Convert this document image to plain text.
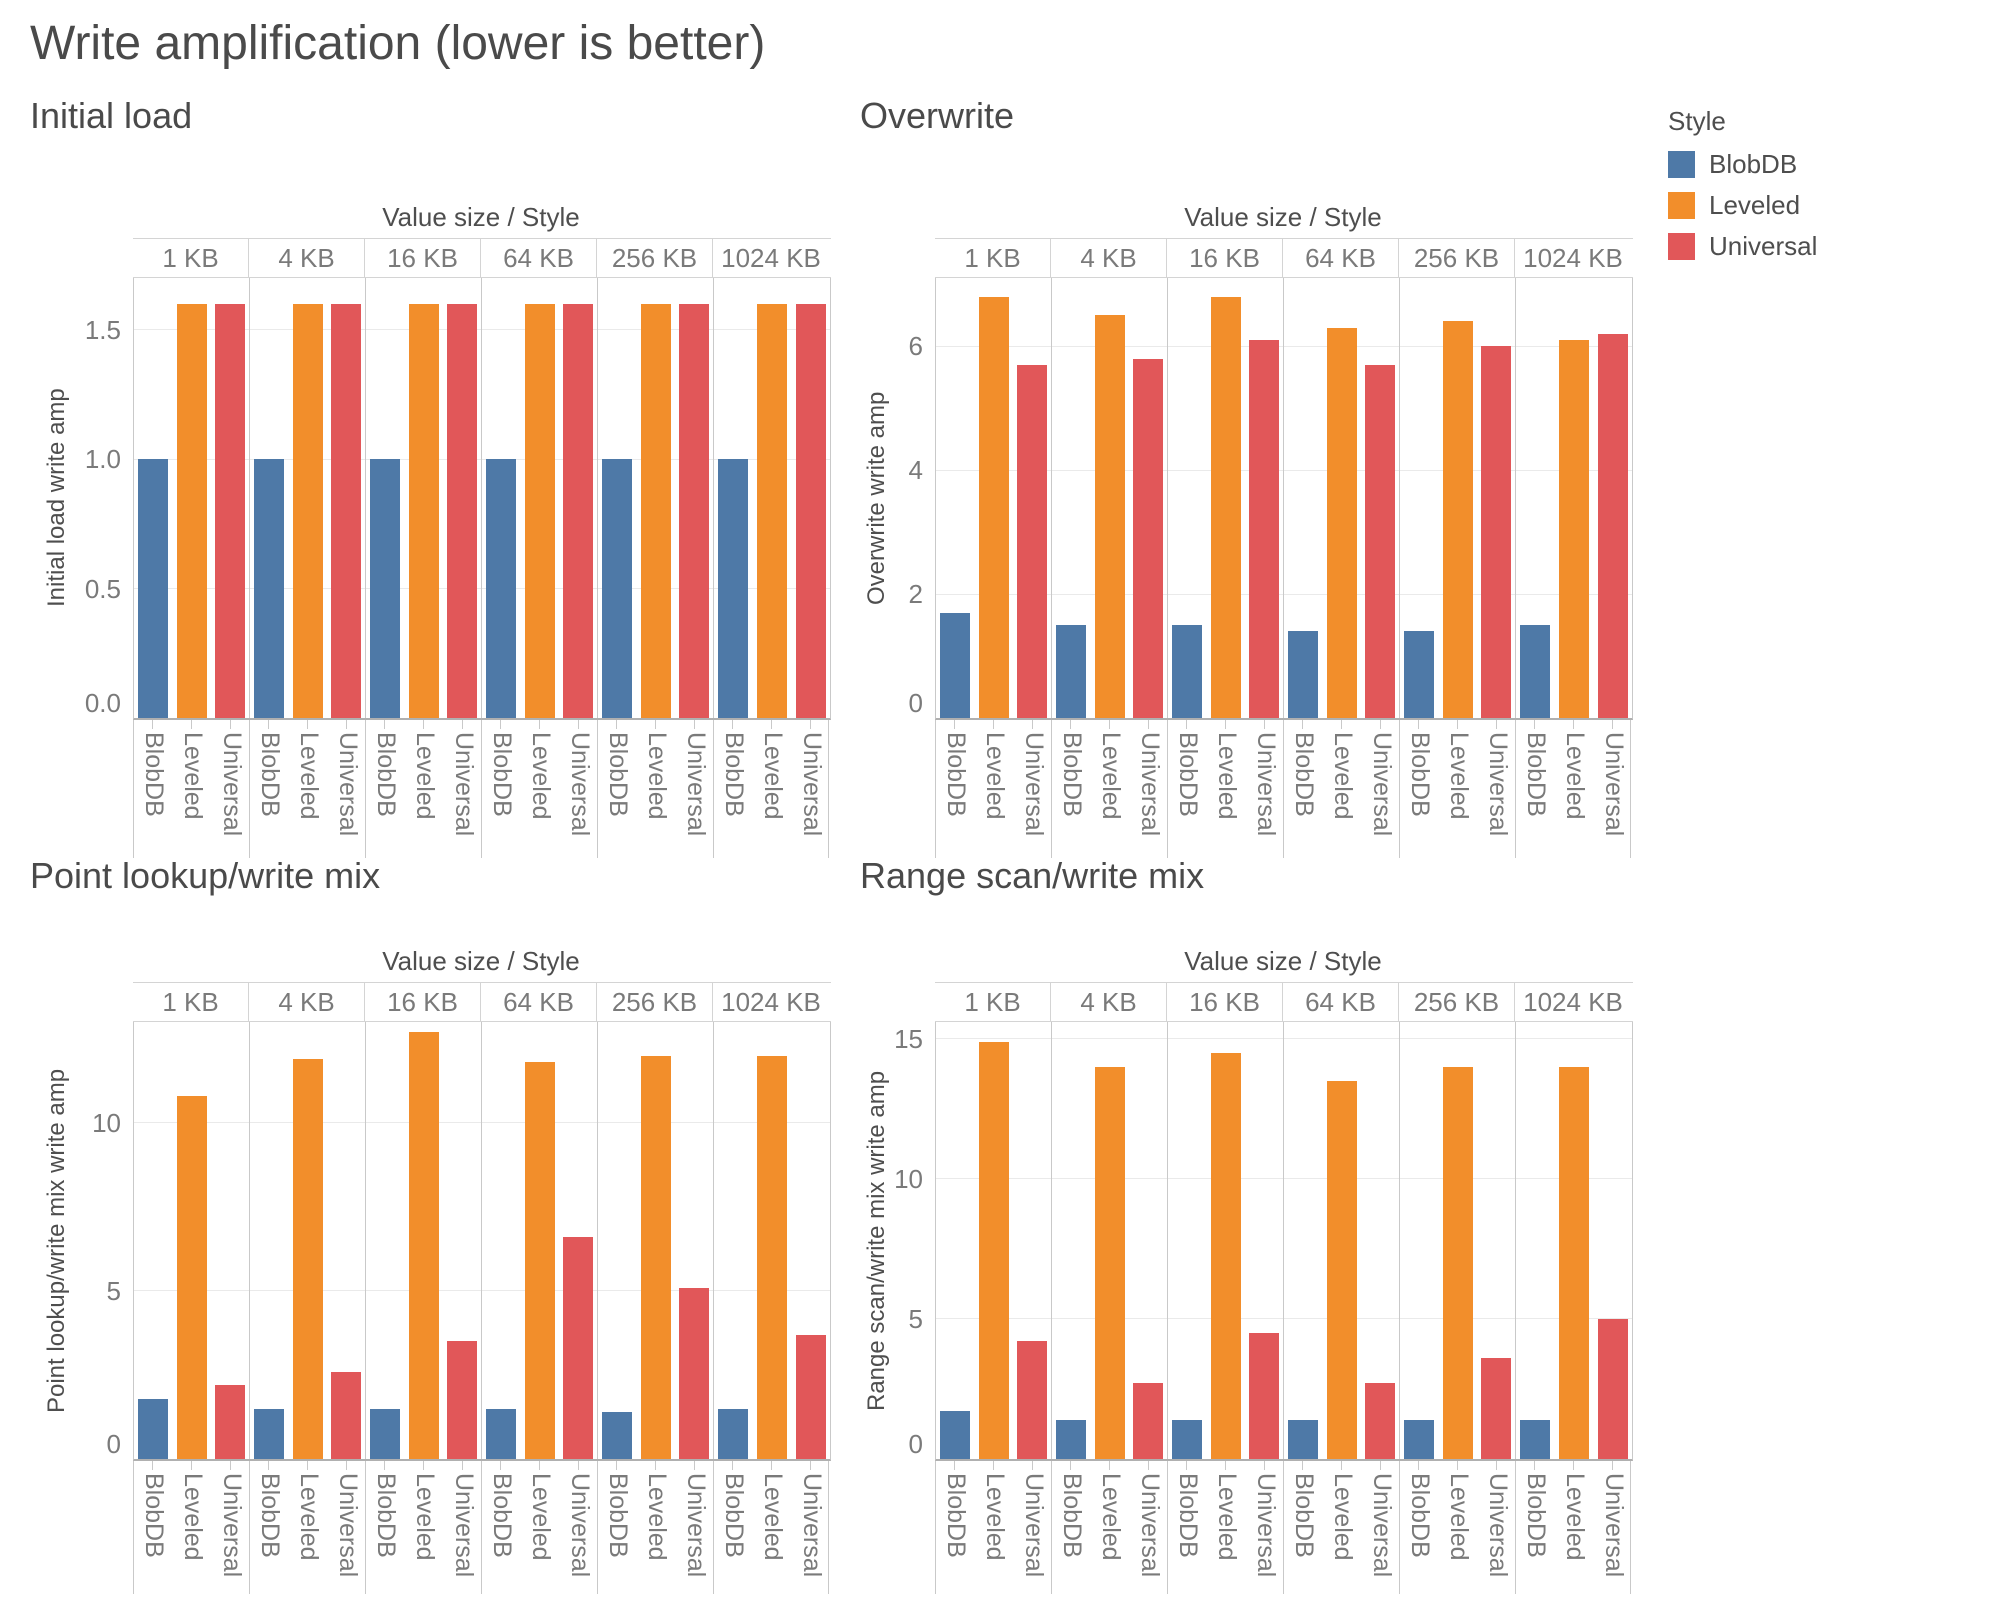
Write amplification (lower is better)
Initial load
Value size / Style
1 KB	4 KB	16 KB	64 KB	256 KB 1024 KB
0.0
0.5
1.0
1.5
Initial load write amp
BlobDB Leveled Universal BlobDB Leveled Universal BlobDB Leveled Universal BlobDB Leveled Universal BlobDB Leveled Universal BlobDB Leveled Universal
Overwrite
Value size / Style
1 KB	4 KB	16 KB	64 KB	256 KB 1024 KB
0
2
4
6
Overwrite write amp
BlobDB Leveled Universal BlobDB Leveled Universal BlobDB Leveled Universal BlobDB Leveled Universal BlobDB Leveled Universal BlobDB Leveled Universal
Point lookup/write mix
Value size / Style
1 KB	4 KB	16 KB	64 KB	256 KB 1024 KB
0
5
10
Point lookup/write mix write amp
BlobDB Leveled Universal BlobDB Leveled Universal BlobDB Leveled Universal BlobDB Leveled Universal BlobDB Leveled Universal BlobDB Leveled Universal
Range scan/write mix
Value size / Style
1 KB	4 KB	16 KB	64 KB	256 KB 1024 KB
0
5
10
15
Range scan/write mix write amp
BlobDB Leveled Universal BlobDB Leveled Universal BlobDB Leveled Universal BlobDB Leveled Universal BlobDB Leveled Universal BlobDB Leveled Universal
Style
BlobDB
Leveled
Universal
